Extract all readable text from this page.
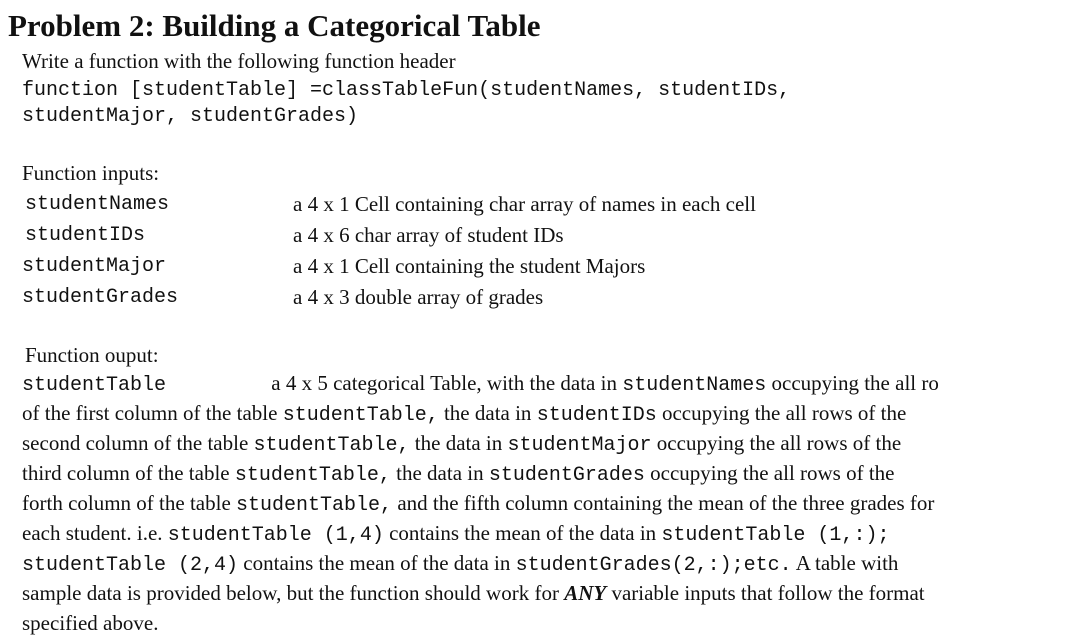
Problem 2: Building a Categorical Table
Write a function with the following function header
function [studentTable] =classTableFun(studentNames, studentIDs,
studentMajor, studentGrades)
Function inputs:
studentNames	a 4 x 1 Cell containing char array of names in each cell
studentIDs	a 4 x 6 char array of student IDs
studentMajor	a 4 x 1 Cell containing the student Majors
studentGrades	a 4 x 3 double array of grades
Function ouput:
studentTable	a 4 x 5 categorical Table, with the data in studentNames occupying the all ro
of the first column of the table studentTable, the data in studentIDs occupying the all rows of the
second column of the table studentTable, the data in studentMajor occupying the all rows of the
third column of the table studentTable, the data in studentGrades occupying the all rows of the
forth column of the table studentTable, and the fifth column containing the mean of the three grades for
each student. i.e. studentTable (1,4) contains the mean of the data in studentTable (1,:);
studentTable (2,4) contains the mean of the data in studentGrades(2,:);etc. A table with
sample data is provided below, but the function should work for ANY variable inputs that follow the format
specified above.
